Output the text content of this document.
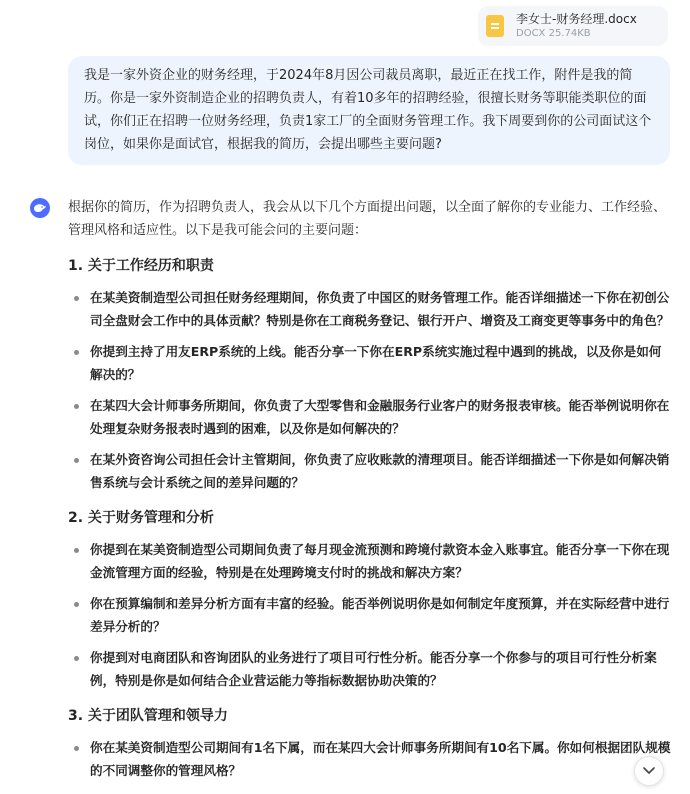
李女士-财务经理.docx
DOCX 25.74KB
我是一家外资企业的财务经理，于2024年8月因公司裁员离职，最近正在找工作，附件是我的简历。你是一家外资制造企业的招聘负责人，有着10多年的招聘经验，很擅长财务等职能类职位的面试，你们正在招聘一位财务经理，负责1家工厂的全面财务管理工作。我下周要到你的公司面试这个岗位，如果你是面试官，根据我的简历，会提出哪些主要问题?

根据你的简历，作为招聘负责人，我会从以下几个方面提出问题，以全面了解你的专业能力、工作经验、管理风格和适应性。以下是我可能会问的主要问题：

1. 关于工作经历和职责
在某美资制造型公司担任财务经理期间，你负责了中国区的财务管理工作。能否详细描述一下你在初创公司全盘财会工作中的具体贡献？特别是你在工商税务登记、银行开户、增资及工商变更等事务中的角色？
你提到主持了用友ERP系统的上线。能否分享一下你在ERP系统实施过程中遇到的挑战，以及你是如何解决的？
在某四大会计师事务所期间，你负责了大型零售和金融服务行业客户的财务报表审核。能否举例说明你在处理复杂财务报表时遇到的困难，以及你是如何解决的？
在某外资咨询公司担任会计主管期间，你负责了应收账款的清理项目。能否详细描述一下你是如何解决销售系统与会计系统之间的差异问题的？
2. 关于财务管理和分析
你提到在某美资制造型公司期间负责了每月现金流预测和跨境付款资本金入账事宜。能否分享一下你在现金流管理方面的经验，特别是在处理跨境支付时的挑战和解决方案？
你在预算编制和差异分析方面有丰富的经验。能否举例说明你是如何制定年度预算，并在实际经营中进行差异分析的？
你提到对电商团队和咨询团队的业务进行了项目可行性分析。能否分享一个你参与的项目可行性分析案例，特别是你是如何结合企业营运能力等指标数据协助决策的？
3. 关于团队管理和领导力
你在某美资制造型公司期间有1名下属，而在某四大会计师事务所期间有10名下属。你如何根据团队规模的不同调整你的管理风格？
